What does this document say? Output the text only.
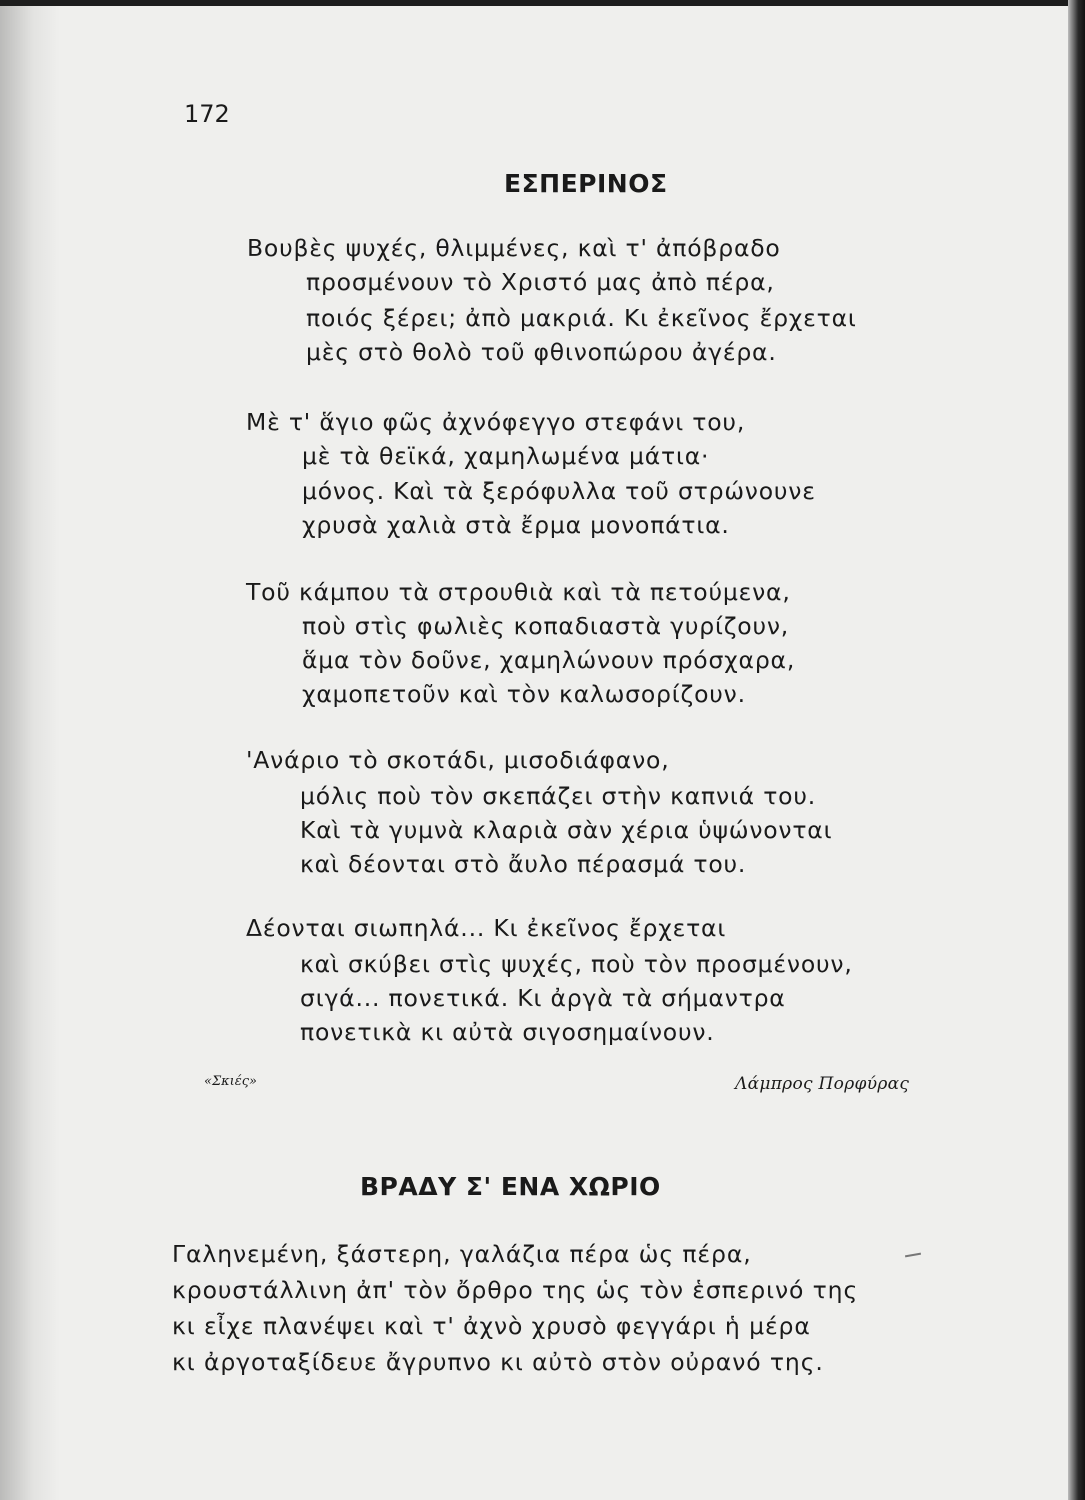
172

ΕΣΠΕΡΙΝΟΣ

Βουβὲς ψυχές, θλιμμένες, καὶ τ' ἀπόβραδο

προσμένουν τὸ Χριστό μας ἀπὸ πέρα,

ποιός ξέρει; ἀπὸ μακριά. Κι ἐκεῖνος ἔρχεται

μὲς στὸ θολὸ τοῦ φθινοπώρου ἀγέρα.

Μὲ τ' ἅγιο φῶς ἀχνόφεγγο στεφάνι του,

μὲ τὰ θεϊκά, χαμηλωμένα μάτια·

μόνος. Καὶ τὰ ξερόφυλλα τοῦ στρώνουνε

χρυσὰ χαλιὰ στὰ ἔρμα μονοπάτια.

Τοῦ κάμπου τὰ στρουθιὰ καὶ τὰ πετούμενα,

ποὺ στὶς φωλιὲς κοπαδιαστὰ γυρίζουν,

ἅμα τὸν δοῦνε, χαμηλώνουν πρόσχαρα,

χαμοπετοῦν καὶ τὸν καλωσορίζουν.

'Ανάριο τὸ σκοτάδι, μισοδιάφανο,

μόλις ποὺ τὸν σκεπάζει στὴν καπνιά του.

Καὶ τὰ γυμνὰ κλαριὰ σὰν χέρια ὑψώνονται

καὶ δέονται στὸ ἄυλο πέρασμά του.

Δέονται σιωπηλά... Κι ἐκεῖνος ἔρχεται

καὶ σκύβει στὶς ψυχές, ποὺ τὸν προσμένουν,

σιγά... πονετικά. Κι ἀργὰ τὰ σήμαντρα

πονετικὰ κι αὐτὰ σιγοσημαίνουν.

«Σκιές»	Λάμπρος Πορφύρας

ΒΡΑΔΥ Σ' ΕΝΑ ΧΩΡΙΟ

Γαληνεμένη, ξάστερη, γαλάζια πέρα ὡς πέρα,

κρουστάλλινη ἀπ' τὸν ὄρθρο της ὡς τὸν ἑσπερινό της

κι εἶχε πλανέψει καὶ τ' ἀχνὸ χρυσὸ φεγγάρι ἡ μέρα

κι ἀργοταξίδευε ἄγρυπνο κι αὐτὸ στὸν οὐρανό της.
